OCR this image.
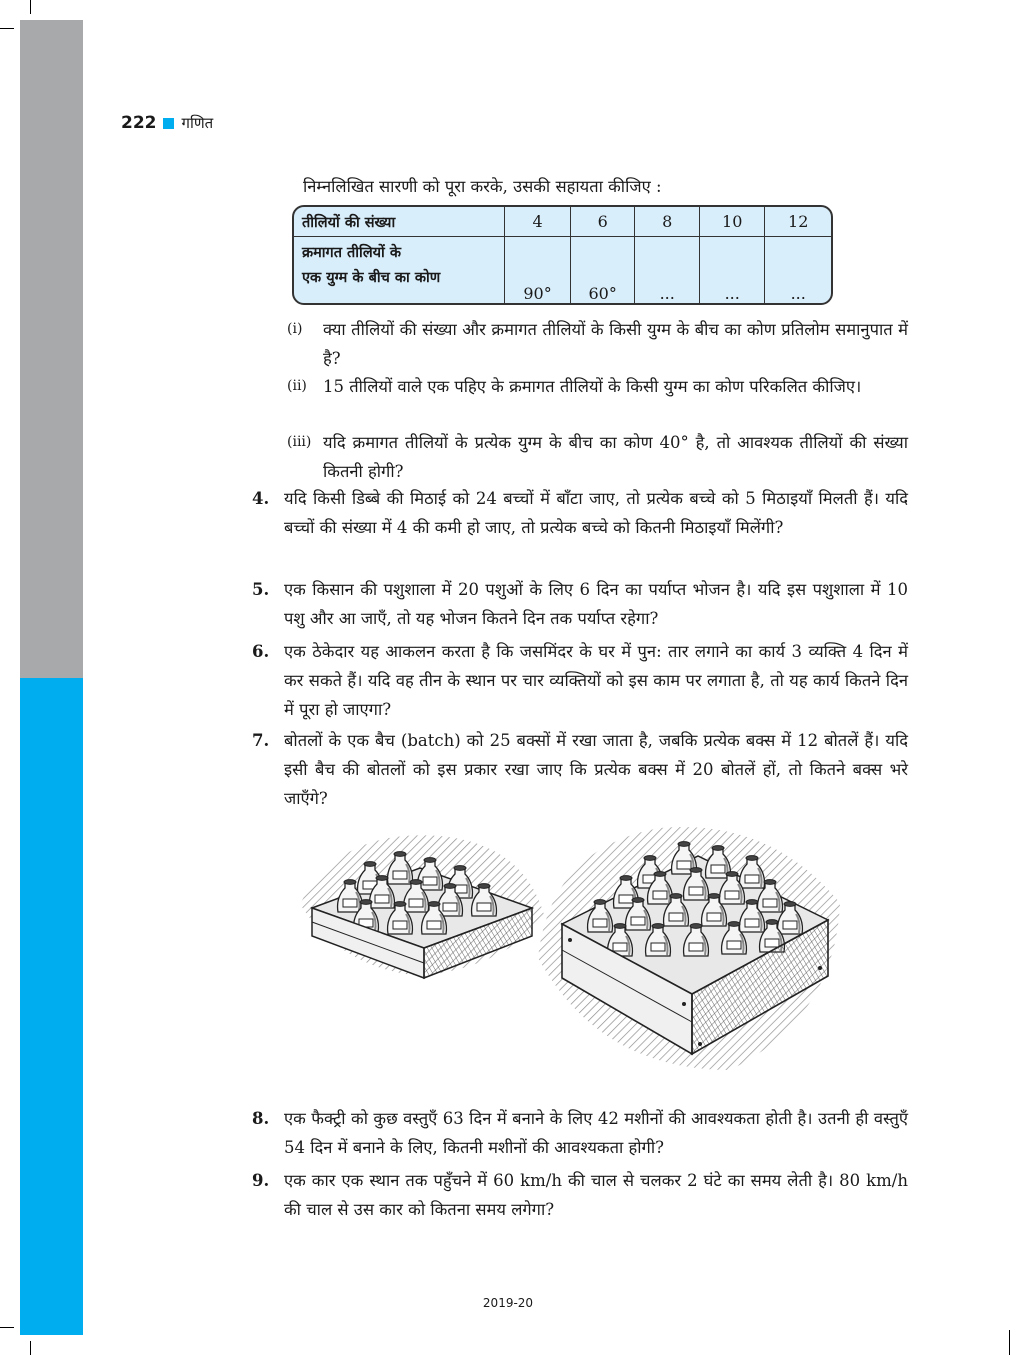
222 गणित
निम्नलिखित सारणी को पूरा करके, उसकी सहायता कीजिए :
तीलियों की संख्या	4	6	8	10	12

क्रमागत तीलियों के
एक युग्म के बीच का कोण	90°	60°	...	...	...
(i)	क्या तीलियों की संख्या और क्रमागत तीलियों के किसी युग्म के बीच का कोण प्रतिलोम समानुपात में है?
(ii) 15 तीलियों वाले एक पहिए के क्रमागत तीलियों के किसी युग्म का कोण परिकलित कीजिए।
(iii) यदि क्रमागत तीलियों के प्रत्येक युग्म के बीच का कोण 40° है, तो आवश्यक तीलियों की संख्या कितनी होगी?
4. यदि किसी डिब्बे की मिठाई को 24 बच्चों में बाँटा जाए, तो प्रत्येक बच्चे को 5 मिठाइयाँ मिलती हैं। यदि बच्चों की संख्या में 4 की कमी हो जाए, तो प्रत्येक बच्चे को कितनी मिठाइयाँ मिलेंगी?
5. एक किसान की पशुशाला में 20 पशुओं के लिए 6 दिन का पर्याप्त भोजन है। यदि इस पशुशाला में 10 पशु और आ जाएँ, तो यह भोजन कितने दिन तक पर्याप्त रहेगा?
6. एक ठेकेदार यह आकलन करता है कि जसमिंदर के घर में पुन: तार लगाने का कार्य 3 व्यक्ति 4 दिन में कर सकते हैं। यदि वह तीन के स्थान पर चार व्यक्तियों को इस काम पर लगाता है, तो यह कार्य कितने दिन में पूरा हो जाएगा?
7. बोतलों के एक बैच (batch) को 25 बक्सों में रखा जाता है, जबकि प्रत्येक बक्स में 12 बोतलें हैं। यदि इसी बैच की बोतलों को इस प्रकार रखा जाए कि प्रत्येक बक्स में 20 बोतलें हों, तो कितने बक्स भरे जाएँगे?
8. एक फैक्ट्री को कुछ वस्तुएँ 63 दिन में बनाने के लिए 42 मशीनों की आवश्यकता होती है। उतनी ही वस्तुएँ 54 दिन में बनाने के लिए, कितनी मशीनों की आवश्यकता होगी?
9. एक कार एक स्थान तक पहुँचने में 60 km/h की चाल से चलकर 2 घंटे का समय लेती है। 80 km/h की चाल से उस कार को कितना समय लगेगा?
2019-20
